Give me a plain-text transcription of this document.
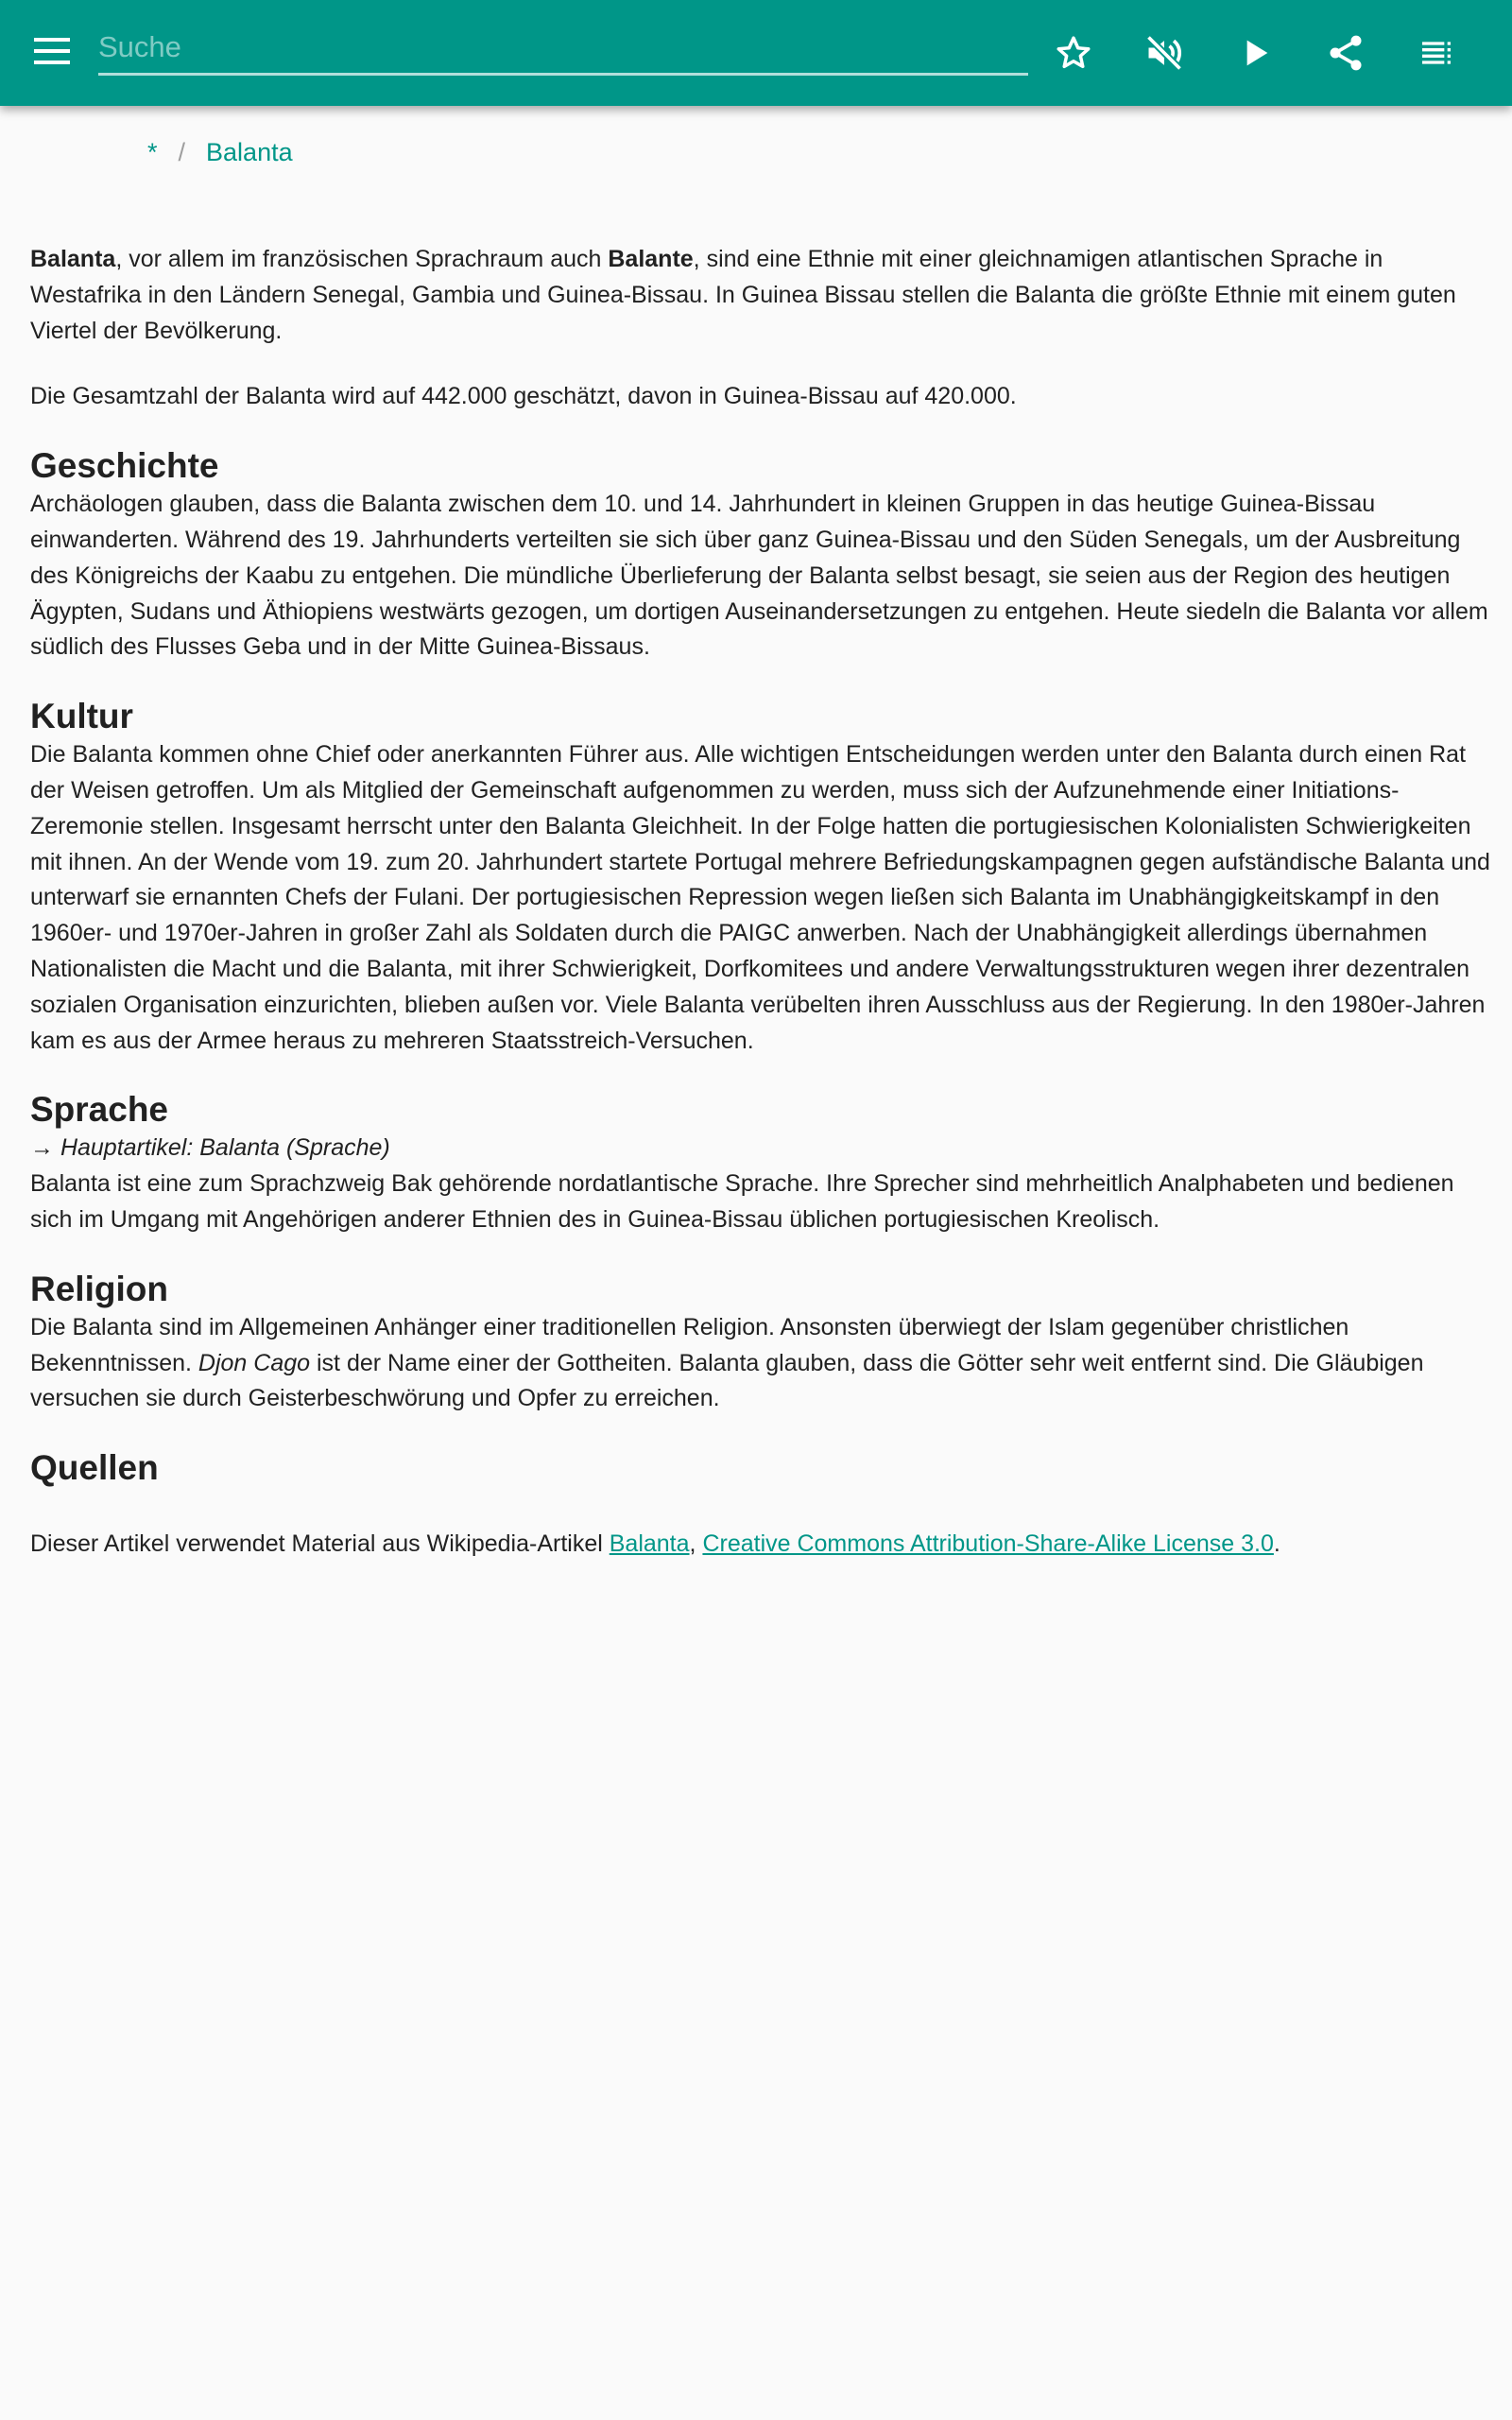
Suche
* / Balanta

Balanta, vor allem im französischen Sprachraum auch Balante, sind eine Ethnie mit einer gleichnamigen atlantischen Sprache in Westafrika in den Ländern Senegal, Gambia und Guinea-Bissau. In Guinea Bissau stellen die Balanta die größte Ethnie mit einem guten Viertel der Bevölkerung.

Die Gesamtzahl der Balanta wird auf 442.000 geschätzt, davon in Guinea-Bissau auf 420.000.

Geschichte

Archäologen glauben, dass die Balanta zwischen dem 10. und 14. Jahrhundert in kleinen Gruppen in das heutige Guinea-Bissau einwanderten. Während des 19. Jahrhunderts verteilten sie sich über ganz Guinea-Bissau und den Süden Senegals, um der Ausbreitung des Königreichs der Kaabu zu entgehen. Die mündliche Überlieferung der Balanta selbst besagt, sie seien aus der Region des heutigen Ägypten, Sudans und Äthiopiens westwärts gezogen, um dortigen Auseinandersetzungen zu entgehen. Heute siedeln die Balanta vor allem südlich des Flusses Geba und in der Mitte Guinea-Bissaus.

Kultur

Die Balanta kommen ohne Chief oder anerkannten Führer aus. Alle wichtigen Entscheidungen werden unter den Balanta durch einen Rat der Weisen getroffen. Um als Mitglied der Gemeinschaft aufgenommen zu werden, muss sich der Aufzunehmende einer Initiations-Zeremonie stellen. Insgesamt herrscht unter den Balanta Gleichheit. In der Folge hatten die portugiesischen Kolonialisten Schwierigkeiten mit ihnen. An der Wende vom 19. zum 20. Jahrhundert startete Portugal mehrere Befriedungskampagnen gegen aufständische Balanta und unterwarf sie ernannten Chefs der Fulani. Der portugiesischen Repression wegen ließen sich Balanta im Unabhängigkeitskampf in den 1960er- und 1970er-Jahren in großer Zahl als Soldaten durch die PAIGC anwerben. Nach der Unabhängigkeit allerdings übernahmen Nationalisten die Macht und die Balanta, mit ihrer Schwierigkeit, Dorfkomitees und andere Verwaltungsstrukturen wegen ihrer dezentralen sozialen Organisation einzurichten, blieben außen vor. Viele Balanta verübelten ihren Ausschluss aus der Regierung. In den 1980er-Jahren kam es aus der Armee heraus zu mehreren Staatsstreich-Versuchen.

Sprache
→ Hauptartikel: Balanta (Sprache)

Balanta ist eine zum Sprachzweig Bak gehörende nordatlantische Sprache. Ihre Sprecher sind mehrheitlich Analphabeten und bedienen sich im Umgang mit Angehörigen anderer Ethnien des in Guinea-Bissau üblichen portugiesischen Kreolisch.

Religion

Die Balanta sind im Allgemeinen Anhänger einer traditionellen Religion. Ansonsten überwiegt der Islam gegenüber christlichen Bekenntnissen. Djon Cago ist der Name einer der Gottheiten. Balanta glauben, dass die Götter sehr weit entfernt sind. Die Gläubigen versuchen sie durch Geisterbeschwörung und Opfer zu erreichen.

Quellen

Dieser Artikel verwendet Material aus Wikipedia-Artikel Balanta, Creative Commons Attribution-Share-Alike License 3.0.
